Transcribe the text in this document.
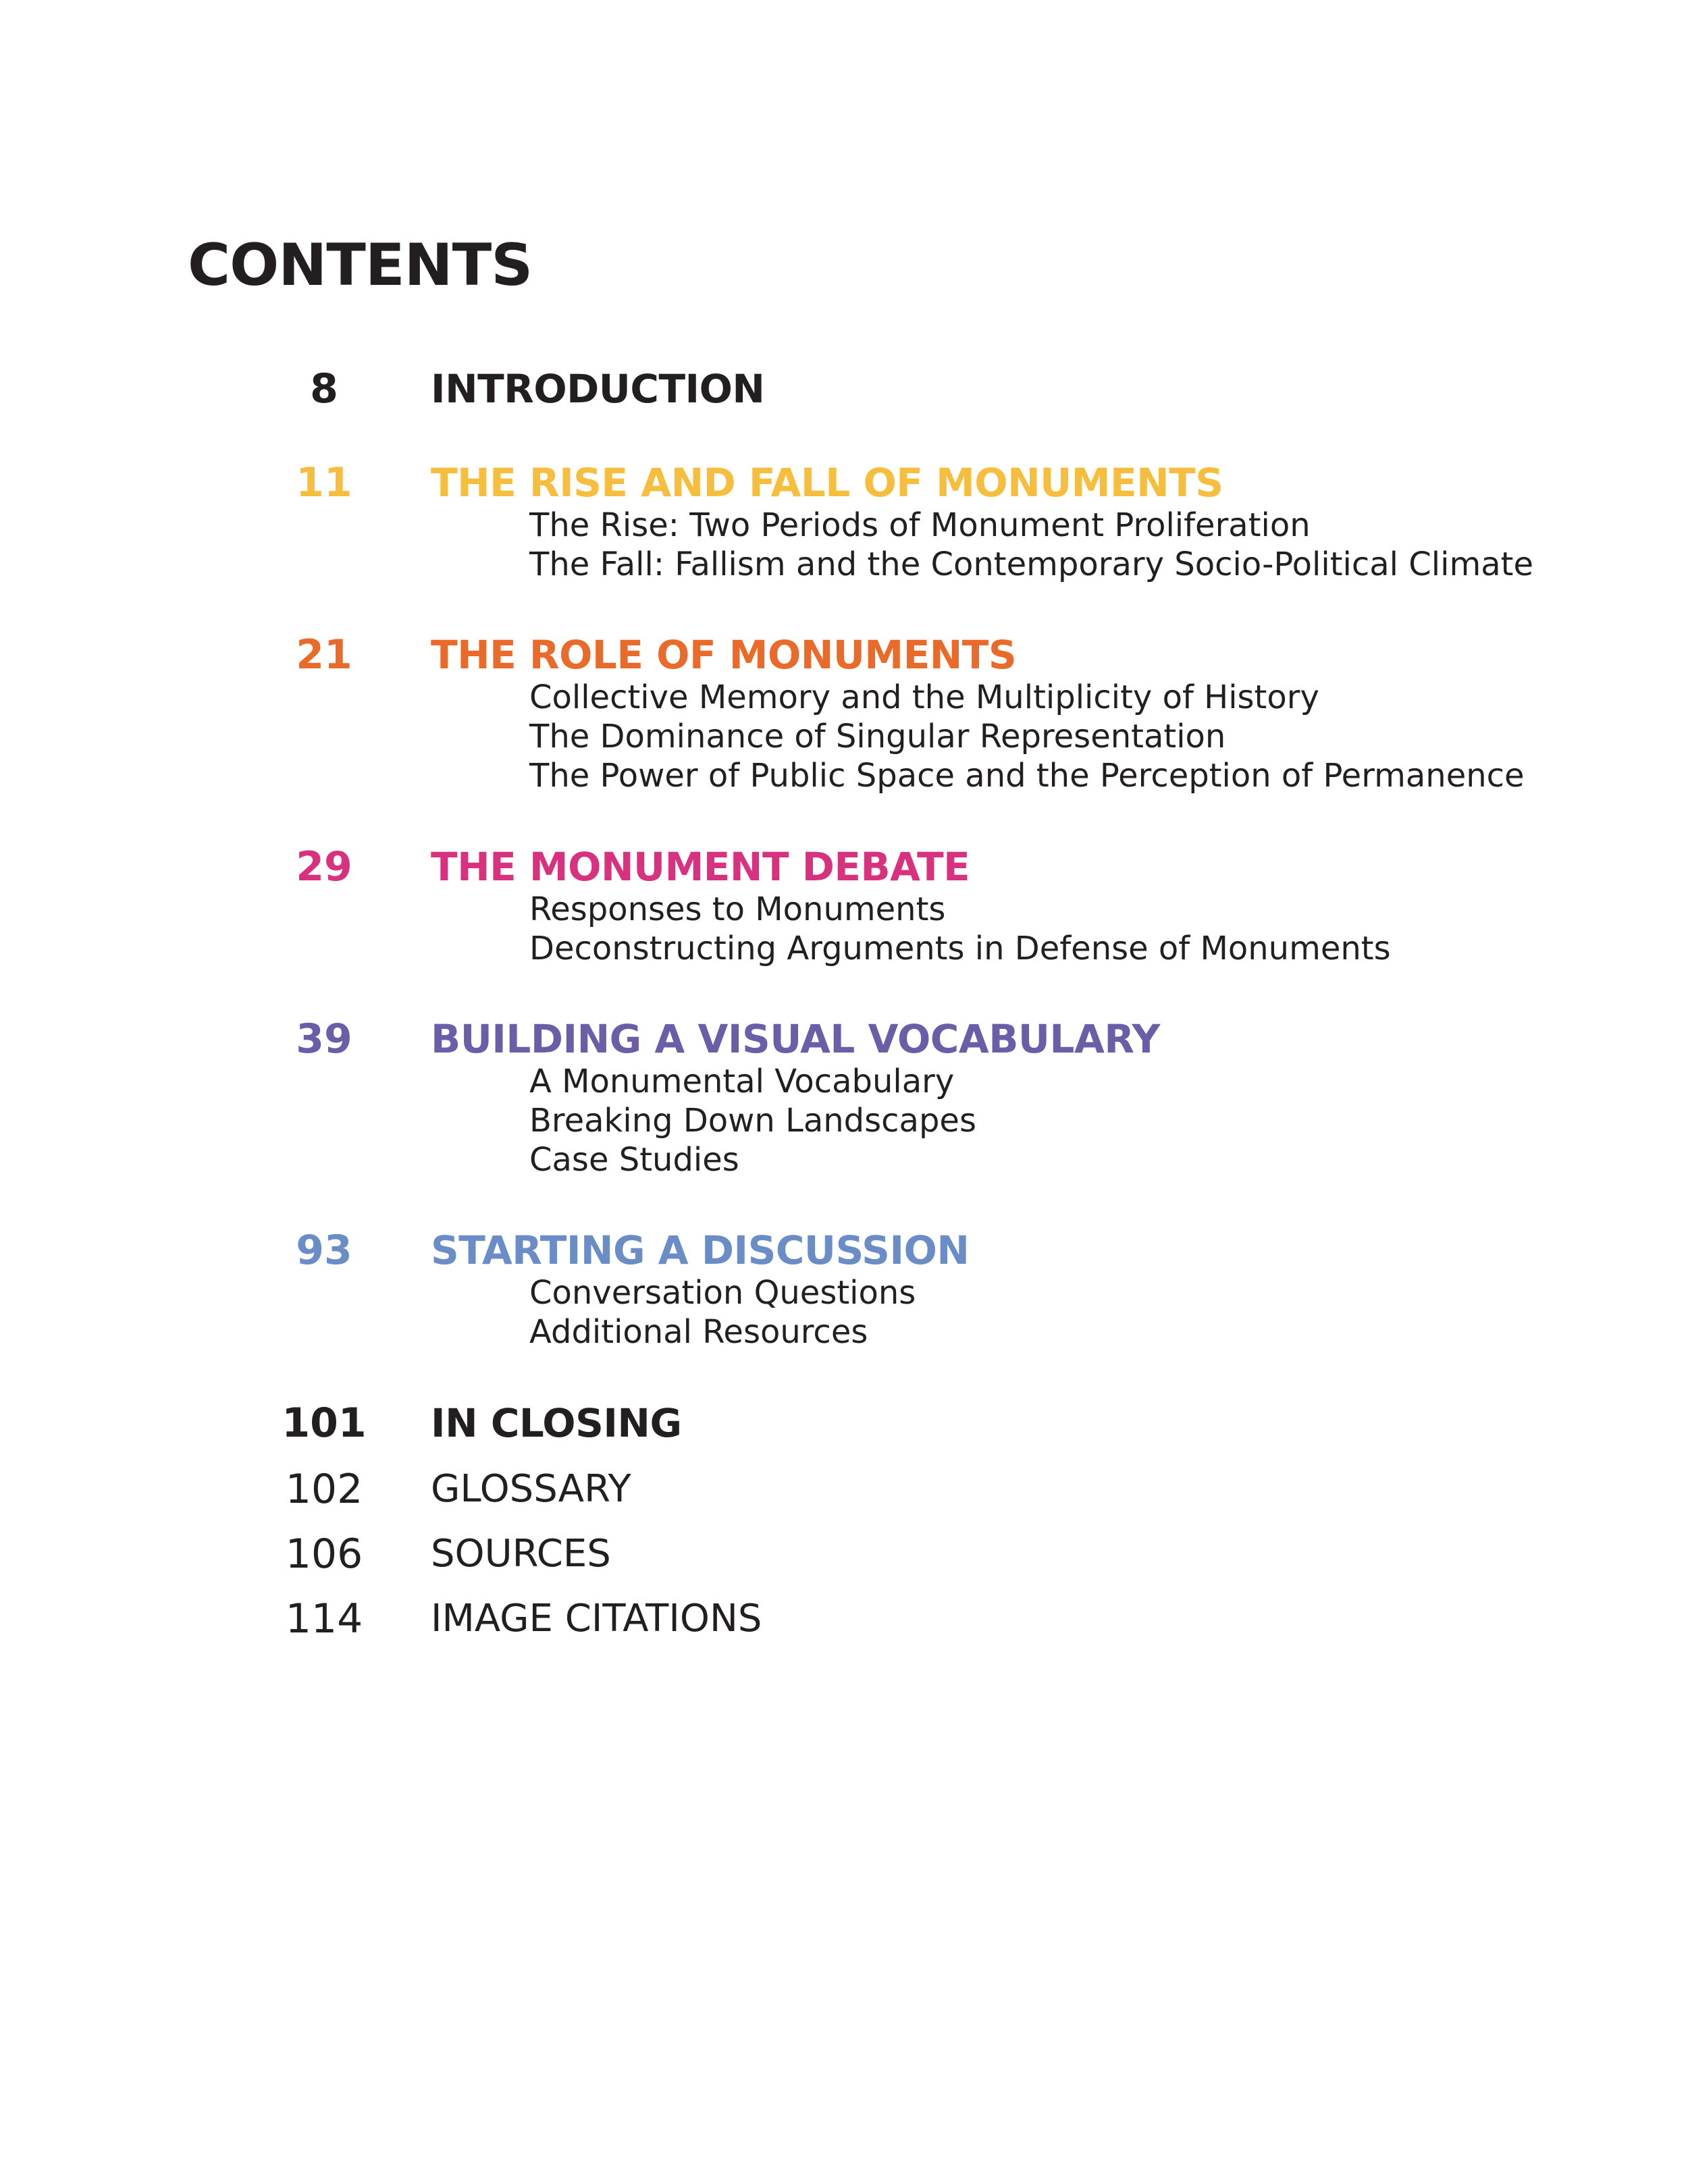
CONTENTS
8	INTRODUCTION
11	THE RISE AND FALL OF MONUMENTS
The Rise: Two Periods of Monument Proliferation
The Fall: Fallism and the Contemporary Socio-Political Climate
21	THE ROLE OF MONUMENTS
Collective Memory and the Multiplicity of History
The Dominance of Singular Representation
The Power of Public Space and the Perception of Permanence
29	THE MONUMENT DEBATE
Responses to Monuments
Deconstructing Arguments in Defense of Monuments
39	BUILDING A VISUAL VOCABULARY
A Monumental Vocabulary
Breaking Down Landscapes
Case Studies
93	STARTING A DISCUSSION
Conversation Questions
Additional Resources
101	IN CLOSING
102	GLOSSARY
106	SOURCES
114	IMAGE CITATIONS
